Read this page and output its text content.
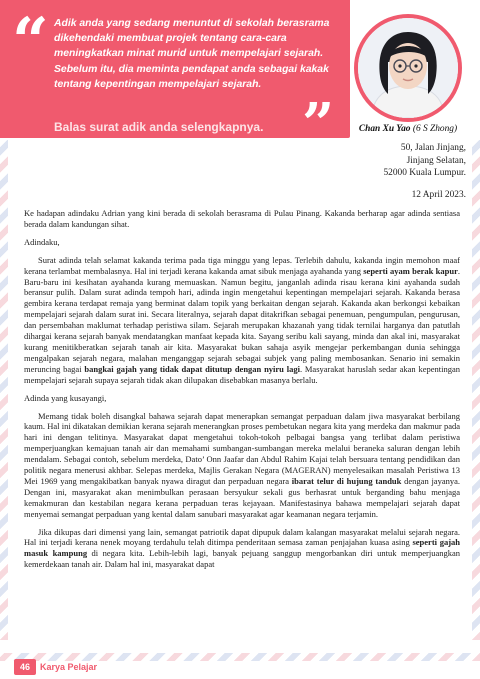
“ Adik anda yang sedang menuntut di sekolah berasrama dikehendaki membuat projek tentang cara-cara meningkatkan minat murid untuk mempelajari sejarah. Sebelum itu, dia meminta pendapat anda sebagai kakak tentang kepentingan mempelajari sejarah.
Balas surat adik anda selengkapnya. ”	Chan Xu Yao (6 S Zhong)
50, Jalan Jinjang,
Jinjang Selatan,
52000 Kuala Lumpur.
12 April 2023.

Ke hadapan adindaku Adrian yang kini berada di sekolah berasrama di Pulau Pinang. Kakanda berharap agar adinda sentiasa berada dalam kandungan sihat.

Adindaku,

Surat adinda telah selamat kakanda terima pada tiga minggu yang lepas. Terlebih dahulu, kakanda ingin memohon maaf kerana terlambat membalasnya. Hal ini terjadi kerana kakanda amat sibuk menjaga ayahanda yang seperti ayam berak kapur. Baru-baru ini kesihatan ayahanda kurang memuaskan. Namun begitu, janganlah adinda risau kerana kini ayahanda sudah beransur pulih. Dalam surat adinda tempoh hari, adinda ingin mengetahui kepentingan mempelajari sejarah. Kakanda berasa gembira kerana terdapat remaja yang berminat dalam topik yang berkaitan dengan sejarah. Kakanda akan berkongsi kebaikan mempelajari sejarah dalam surat ini. Secara literalnya, sejarah dapat ditakrifkan sebagai penemuan, pengumpulan, pengurusan, dan persembahan maklumat terhadap peristiwa silam. Sejarah merupakan khazanah yang tidak ternilai harganya dan patutlah dihargai kerana sejarah banyak mendatangkan manfaat kepada kita. Sayang seribu kali sayang, minda dan akal ini, masyarakat kurang menitikberatkan sejarah tanah air kita. Masyarakat bukan sahaja asyik mengejar perkembangan dunia sehingga mengalpakan sejarah negara, malahan menganggap sejarah sebagai subjek yang paling membosankan. Senario ini semakin meruncing bagai bangkai gajah yang tidak dapat ditutup dengan nyiru lagi. Masyarakat haruslah sedar akan kepentingan mempelajari sejarah supaya sejarah tidak akan dilupakan disebabkan masanya berlalu.

Adinda yang kusayangi,

Memang tidak boleh disangkal bahawa sejarah dapat menerapkan semangat perpaduan dalam jiwa masyarakat berbilang kaum. Hal ini dikatakan demikian kerana sejarah menerangkan proses pembetukan negara kita yang merdeka dan makmur pada hari ini dengan telitinya. Masyarakat dapat mengetahui tokoh-tokoh pelbagai bangsa yang terlibat dalam peristiwa memperjuangkan kemajuan tanah air dan memahami sumbangan-sumbangan mereka melalui beraneka saluran dengan lebih mendalam. Sebagai contoh, sebelum merdeka, Dato’ Onn Jaafar dan Abdul Rahim Kajai telah bersuara tentang pendidikan dan politik negara menerusi akhbar. Selepas merdeka, Majlis Gerakan Negara (MAGERAN) menyelesaikan masalah Peristiwa 13 Mei 1969 yang mengakibatkan banyak nyawa diragut dan perpaduan negara ibarat telur di hujung tanduk dengan jayanya. Dengan ini, masyarakat akan menimbulkan perasaan bersyukur sekali gus berhasrat untuk berganding bahu menjaga kemakmuran dan kestabilan negara kerana perpaduan teras kejayaan. Manifestasinya bahawa mempelajari sejarah dapat menyemai semangat perpaduan yang kental dalam sanubari masyarakat agar keamanan negara terjamin.

Jika dikupas dari dimensi yang lain, semangat patriotik dapat dipupuk dalam kalangan masyarakat melalui sejarah negara. Hal ini terjadi kerana nenek moyang terdahulu telah ditimpa penderitaan semasa zaman penjajahan kuasa asing seperti gajah masuk kampung di negara kita. Lebih-lebih lagi, banyak pejuang sanggup mengorbankan diri untuk memperjuangkan kemerdekaan tanah air. Dalam hal ini, masyarakat dapat

46	Karya Pelajar
